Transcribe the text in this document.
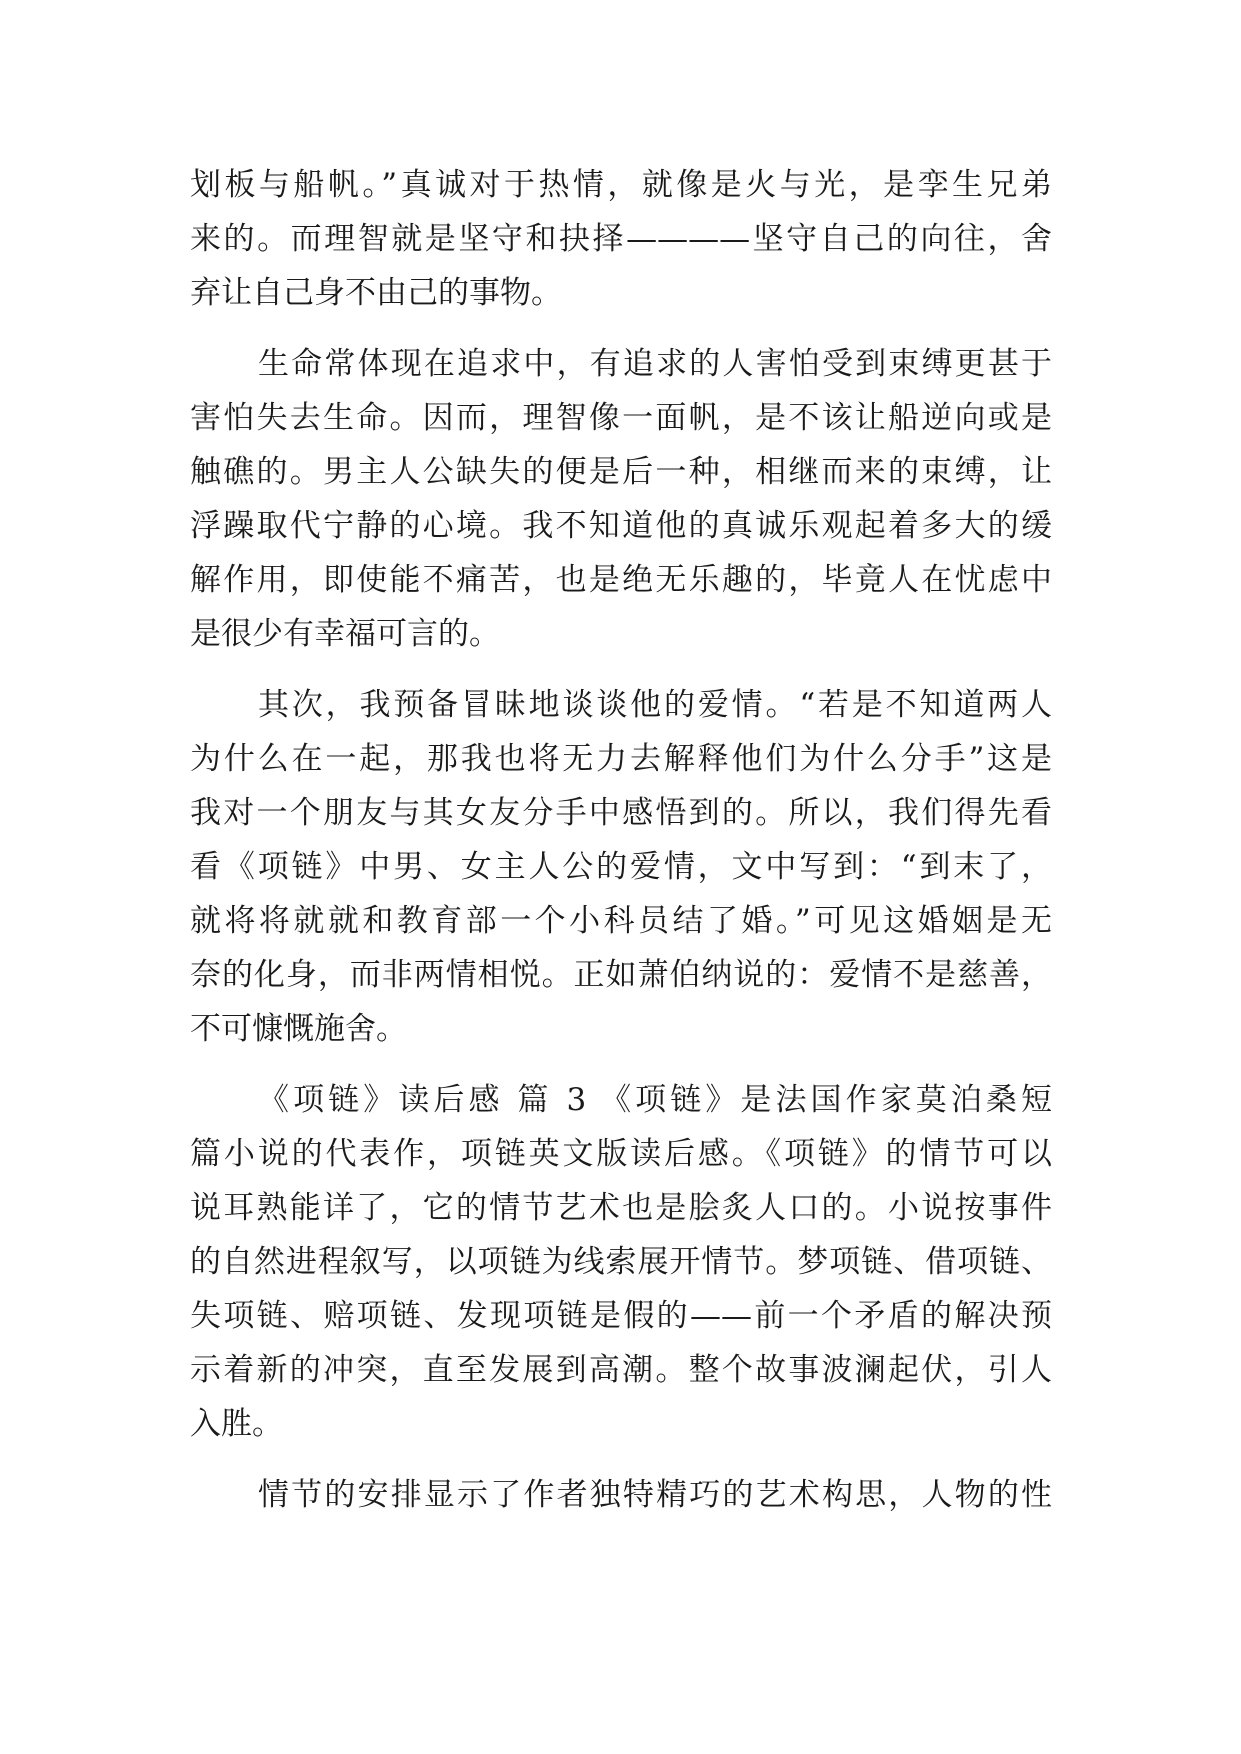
划板与船帆。”真诚对于热情，就像是火与光，是孪生兄弟
来的。而理智就是坚守和抉择————坚守自己的向往，舍
弃让自己身不由己的事物。
生命常体现在追求中，有追求的人害怕受到束缚更甚于
害怕失去生命。因而，理智像一面帆，是不该让船逆向或是
触礁的。男主人公缺失的便是后一种，相继而来的束缚，让
浮躁取代宁静的心境。我不知道他的真诚乐观起着多大的缓
解作用，即使能不痛苦，也是绝无乐趣的，毕竟人在忧虑中
是很少有幸福可言的。
其次，我预备冒昧地谈谈他的爱情。“若是不知道两人
为什么在一起，那我也将无力去解释他们为什么分手”这是
我对一个朋友与其女友分手中感悟到的。所以，我们得先看
看《项链》中男、女主人公的爱情，文中写到：“到末了，
就将将就就和教育部一个小科员结了婚。”可见这婚姻是无
奈的化身，而非两情相悦。正如萧伯纳说的：爱情不是慈善，
不可慷慨施舍。
《项链》读后感 篇 3 《项链》是法国作家莫泊桑短
篇小说的代表作，项链英文版读后感。《项链》的情节可以
说耳熟能详了，它的情节艺术也是脍炙人口的。小说按事件
的自然进程叙写，以项链为线索展开情节。梦项链、借项链、
失项链、赔项链、发现项链是假的——前一个矛盾的解决预
示着新的冲突，直至发展到高潮。整个故事波澜起伏，引人
入胜。
情节的安排显示了作者独特精巧的艺术构思，人物的性
